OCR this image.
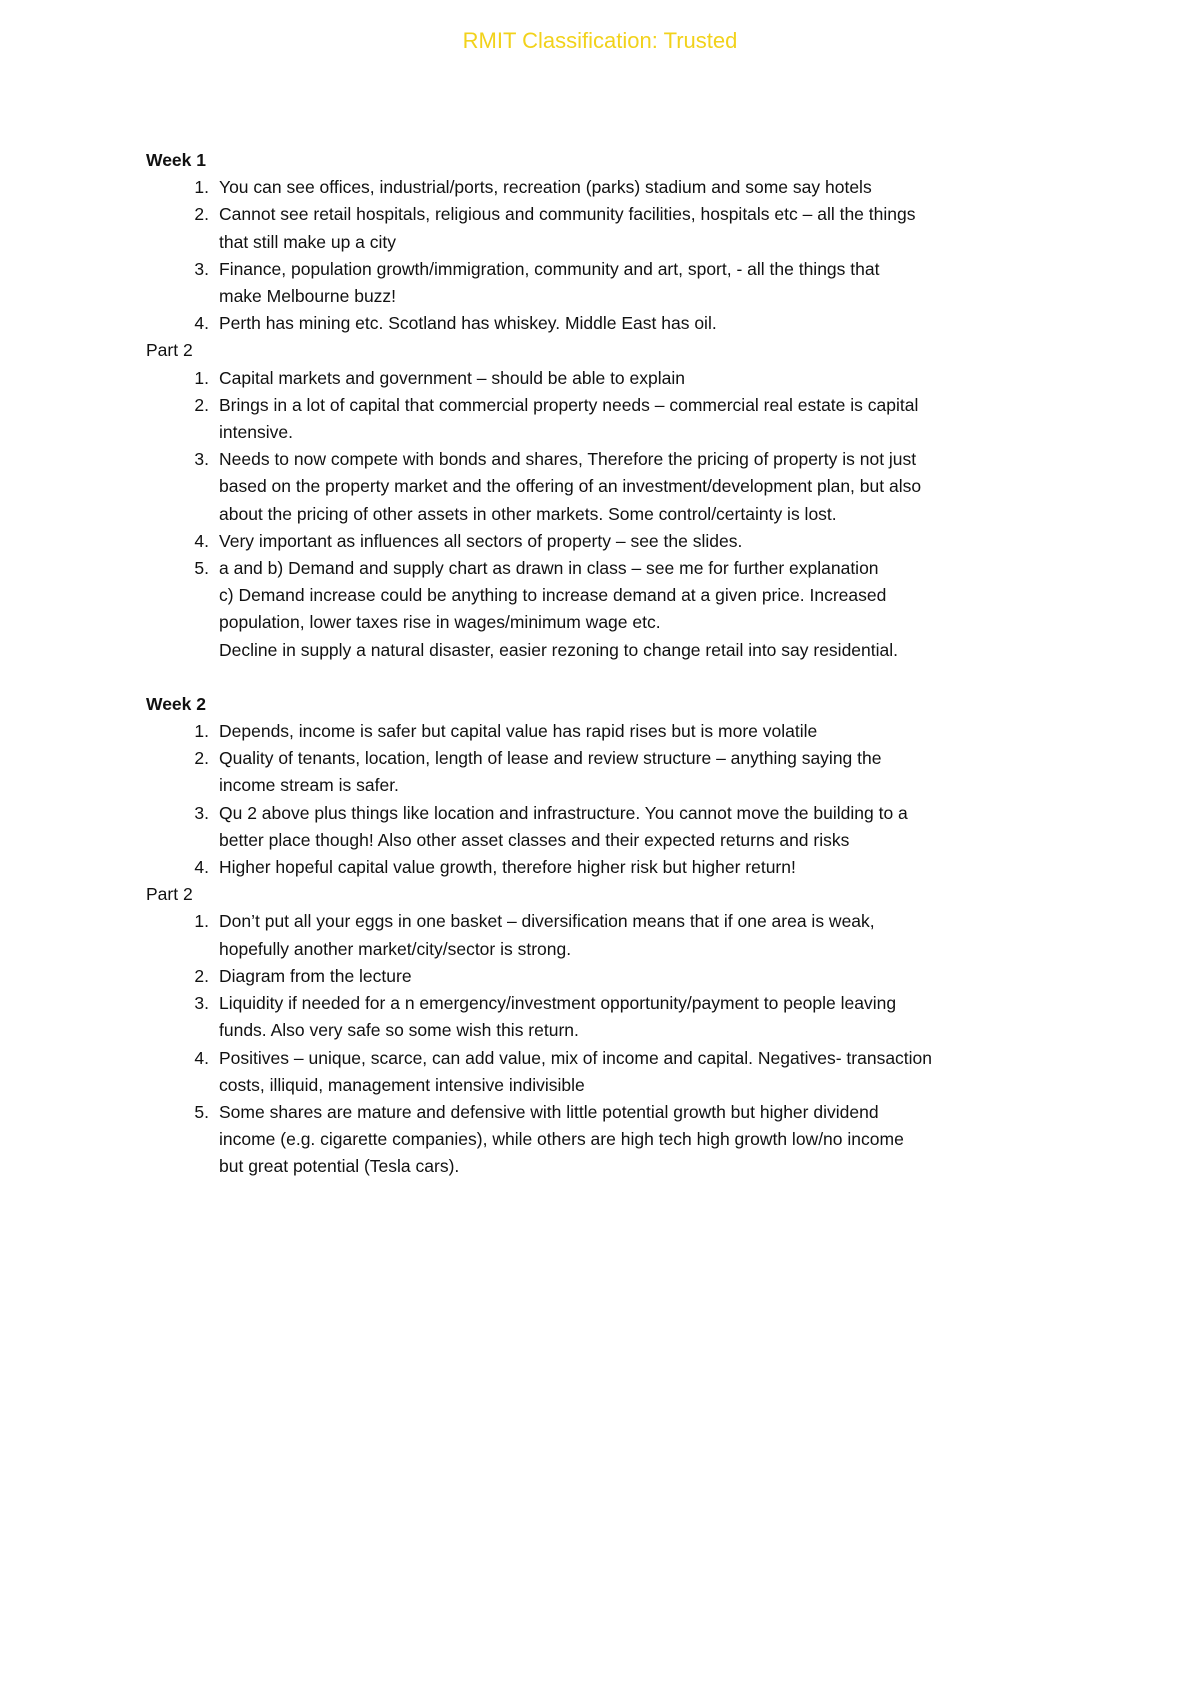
RMIT Classification: Trusted
Week 1
1. You can see offices, industrial/ports, recreation (parks) stadium and some say hotels
2. Cannot see retail hospitals, religious and community facilities, hospitals etc – all the things
that still make up a city
3. Finance, population growth/immigration, community and art, sport, - all the things that
make Melbourne buzz!
4. Perth has mining etc. Scotland has whiskey. Middle East has oil.
Part 2
1. Capital markets and government – should be able to explain
2. Brings in a lot of capital that commercial property needs – commercial real estate is capital
intensive.
3. Needs to now compete with bonds and shares, Therefore the pricing of property is not just
based on the property market and the offering of an investment/development plan, but also
about the pricing of other assets in other markets. Some control/certainty is lost.
4. Very important as influences all sectors of property – see the slides.
5. a and b) Demand and supply chart as drawn in class – see me for further explanation
c) Demand increase could be anything to increase demand at a given price. Increased
population, lower taxes rise in wages/minimum wage etc.
Decline in supply a natural disaster, easier rezoning to change retail into say residential.
Week 2
1. Depends, income is safer but capital value has rapid rises but is more volatile
2. Quality of tenants, location, length of lease and review structure – anything saying the
income stream is safer.
3. Qu 2 above plus things like location and infrastructure. You cannot move the building to a
better place though! Also other asset classes and their expected returns and risks
4. Higher hopeful capital value growth, therefore higher risk but higher return!
Part 2
1. Don’t put all your eggs in one basket – diversification means that if one area is weak,
hopefully another market/city/sector is strong.
2. Diagram from the lecture
3. Liquidity if needed for a n emergency/investment opportunity/payment to people leaving
funds. Also very safe so some wish this return.
4. Positives – unique, scarce, can add value, mix of income and capital. Negatives- transaction
costs, illiquid, management intensive indivisible
5. Some shares are mature and defensive with little potential growth but higher dividend
income (e.g. cigarette companies), while others are high tech high growth low/no income
but great potential (Tesla cars).
